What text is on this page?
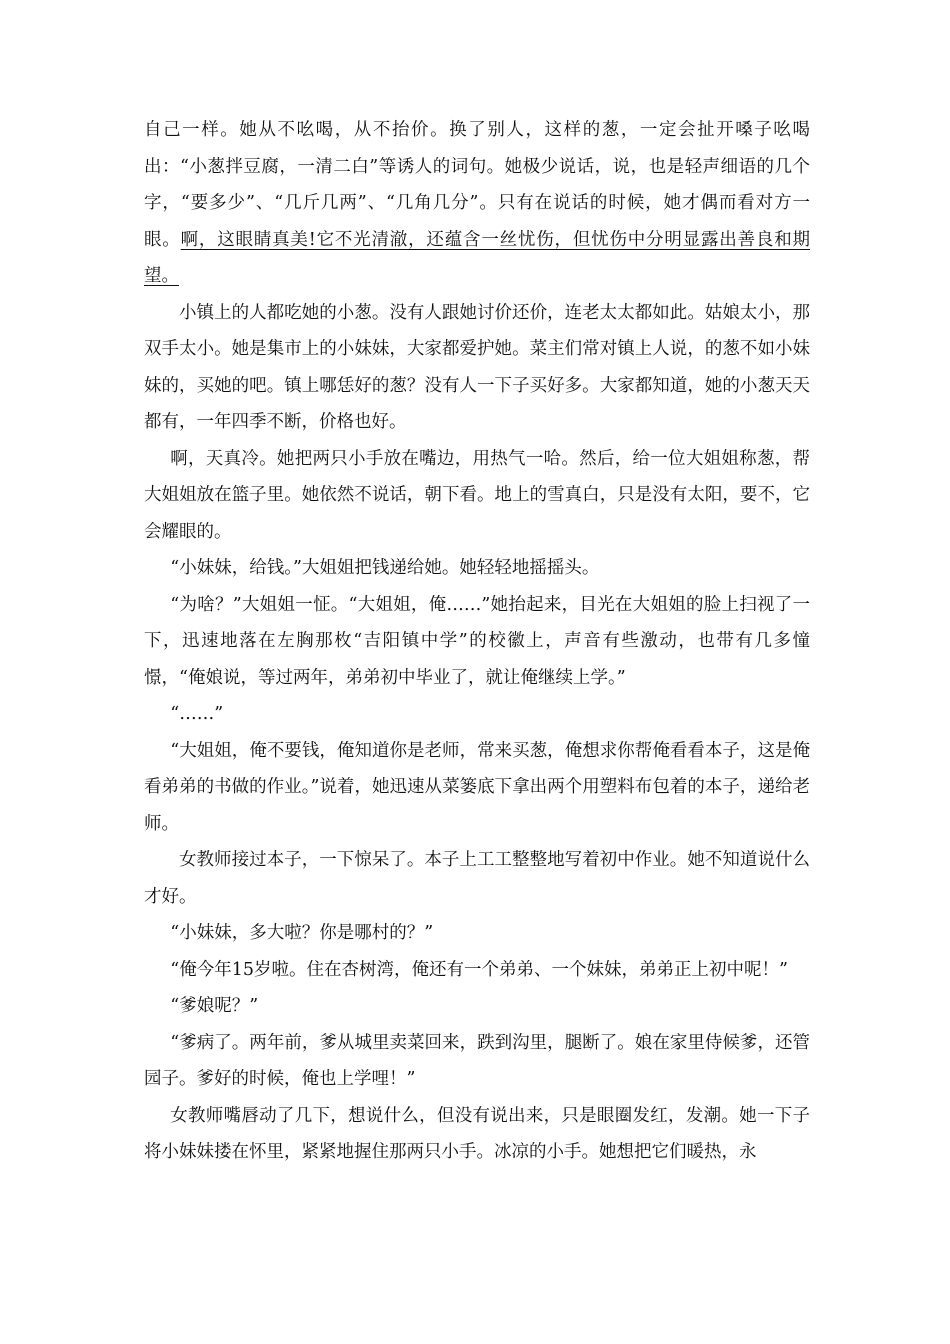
自己一样。她从不吆喝，从不抬价。换了别人，这样的葱，一定会扯开嗓子吆喝出：“小葱拌豆腐，一清二白”等诱人的词句。她极少说话，说，也是轻声细语的几个字，“要多少”、“几斤几两”、“几角几分”。只有在说话的时候，她才偶而看对方一眼。啊，这眼睛真美!它不光清澈，还蕴含一丝忧伤，但忧伤中分明显露出善良和期望。

小镇上的人都吃她的小葱。没有人跟她讨价还价，连老太太都如此。姑娘太小，那双手太小。她是集市上的小妹妹，大家都爱护她。菜主们常对镇上人说，的葱不如小妹妹的，买她的吧。镇上哪恁好的葱？没有人一下子买好多。大家都知道，她的小葱天天都有，一年四季不断，价格也好。

啊，天真冷。她把两只小手放在嘴边，用热气一哈。然后，给一位大姐姐称葱，帮大姐姐放在篮子里。她依然不说话，朝下看。地上的雪真白，只是没有太阳，要不，它会耀眼的。

“小妹妹，给钱。”大姐姐把钱递给她。她轻轻地摇摇头。

“为啥？”大姐姐一怔。“大姐姐，俺……”她抬起来，目光在大姐姐的脸上扫视了一下，迅速地落在左胸那枚“吉阳镇中学”的校徽上，声音有些激动，也带有几多憧憬，“俺娘说，等过两年，弟弟初中毕业了，就让俺继续上学。”

“……”

“大姐姐，俺不要钱，俺知道你是老师，常来买葱，俺想求你帮俺看看本子，这是俺看弟弟的书做的作业。”说着，她迅速从菜篓底下拿出两个用塑料布包着的本子，递给老师。

女教师接过本子，一下惊呆了。本子上工工整整地写着初中作业。她不知道说什么才好。

“小妹妹，多大啦？你是哪村的？”

“俺今年15岁啦。住在杏树湾，俺还有一个弟弟、一个妹妹，弟弟正上初中呢！”

“爹娘呢？”

“爹病了。两年前，爹从城里卖菜回来，跌到沟里，腿断了。娘在家里侍候爹，还管园子。爹好的时候，俺也上学哩！”

女教师嘴唇动了几下，想说什么，但没有说出来，只是眼圈发红，发潮。她一下子将小妹妹搂在怀里，紧紧地握住那两只小手。冰凉的小手。她想把它们暖热，永
